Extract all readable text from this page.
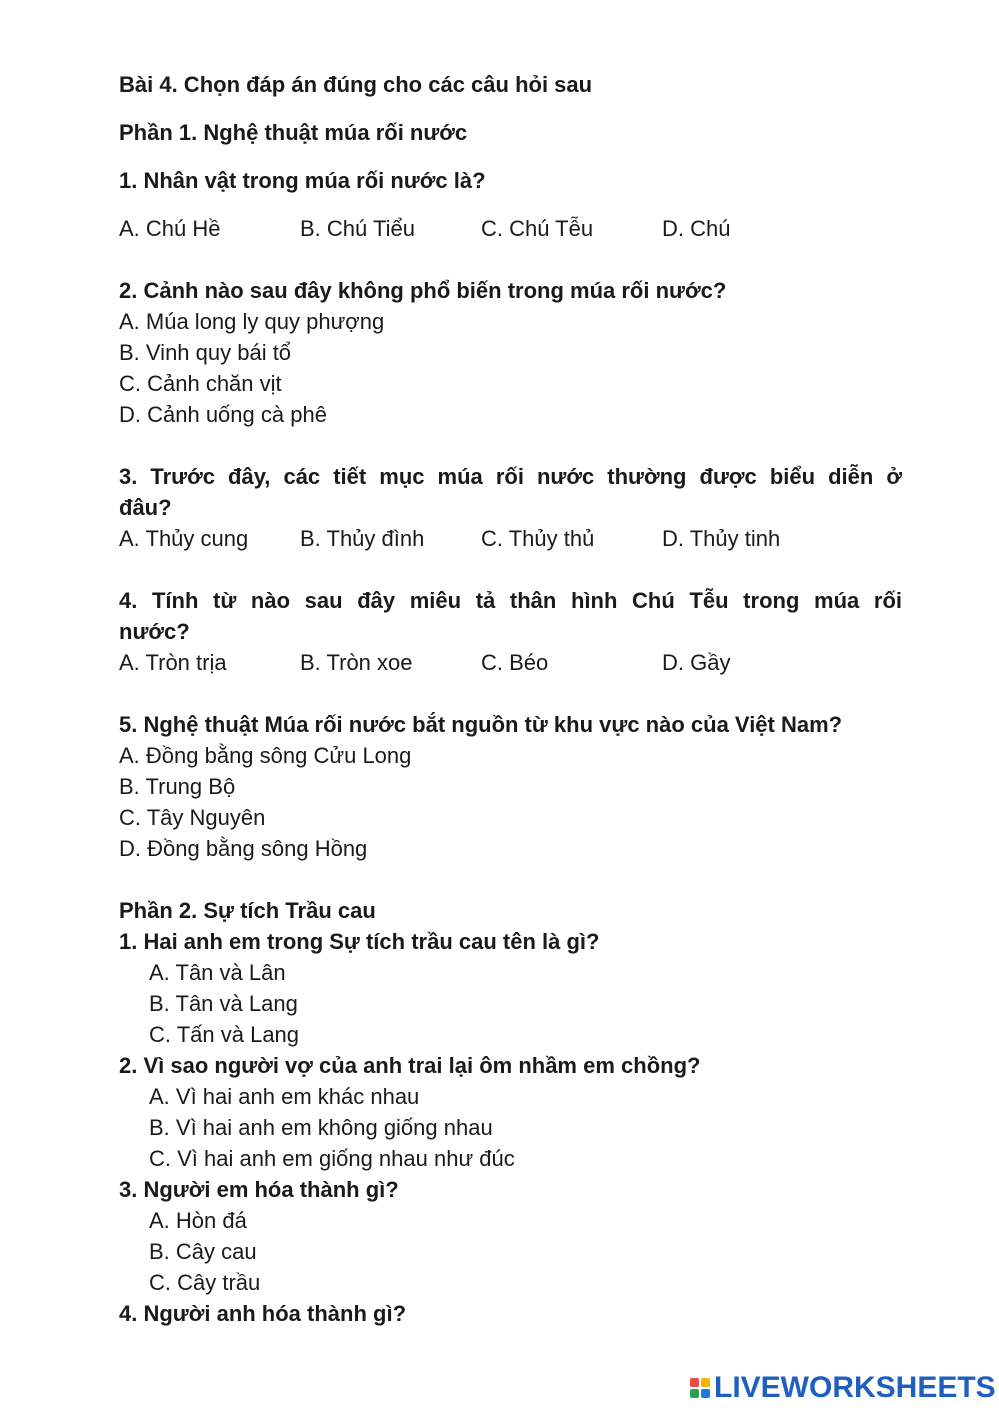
Bài 4. Chọn đáp án đúng cho các câu hỏi sau
Phần 1. Nghệ thuật múa rối nước
1. Nhân vật trong múa rối nước là?
A. Chú Hề	B. Chú Tiểu	C. Chú Tễu	D. Chú
2. Cảnh nào sau đây không phổ biến trong múa rối nước?
A. Múa long ly quy phượng
B. Vinh quy bái tổ
C. Cảnh chăn vịt
D. Cảnh uống cà phê
3. Trước đây, các tiết mục múa rối nước thường được biểu diễn ở
đâu?
A. Thủy cung B. Thủy đình	C. Thủy thủ	D. Thủy tinh
4. Tính từ nào sau đây miêu tả thân hình Chú Tễu trong múa rối
nước?
A. Tròn trịa	B. Tròn xoe	C. Béo	D. Gầy
5. Nghệ thuật Múa rối nước bắt nguồn từ khu vực nào của Việt Nam?
A. Đồng bằng sông Cửu Long
B. Trung Bộ
C. Tây Nguyên
D. Đồng bằng sông Hồng
Phần 2. Sự tích Trầu cau
1. Hai anh em trong Sự tích trầu cau tên là gì?
A. Tân và Lân
B. Tân và Lang
C. Tấn và Lang
2. Vì sao người vợ của anh trai lại ôm nhầm em chồng?
A. Vì hai anh em khác nhau
B. Vì hai anh em không giống nhau
C. Vì hai anh em giống nhau như đúc
3. Người em hóa thành gì?
A. Hòn đá
B. Cây cau
C. Cây trầu
4. Người anh hóa thành gì?
LIVEWORKSHEETS
